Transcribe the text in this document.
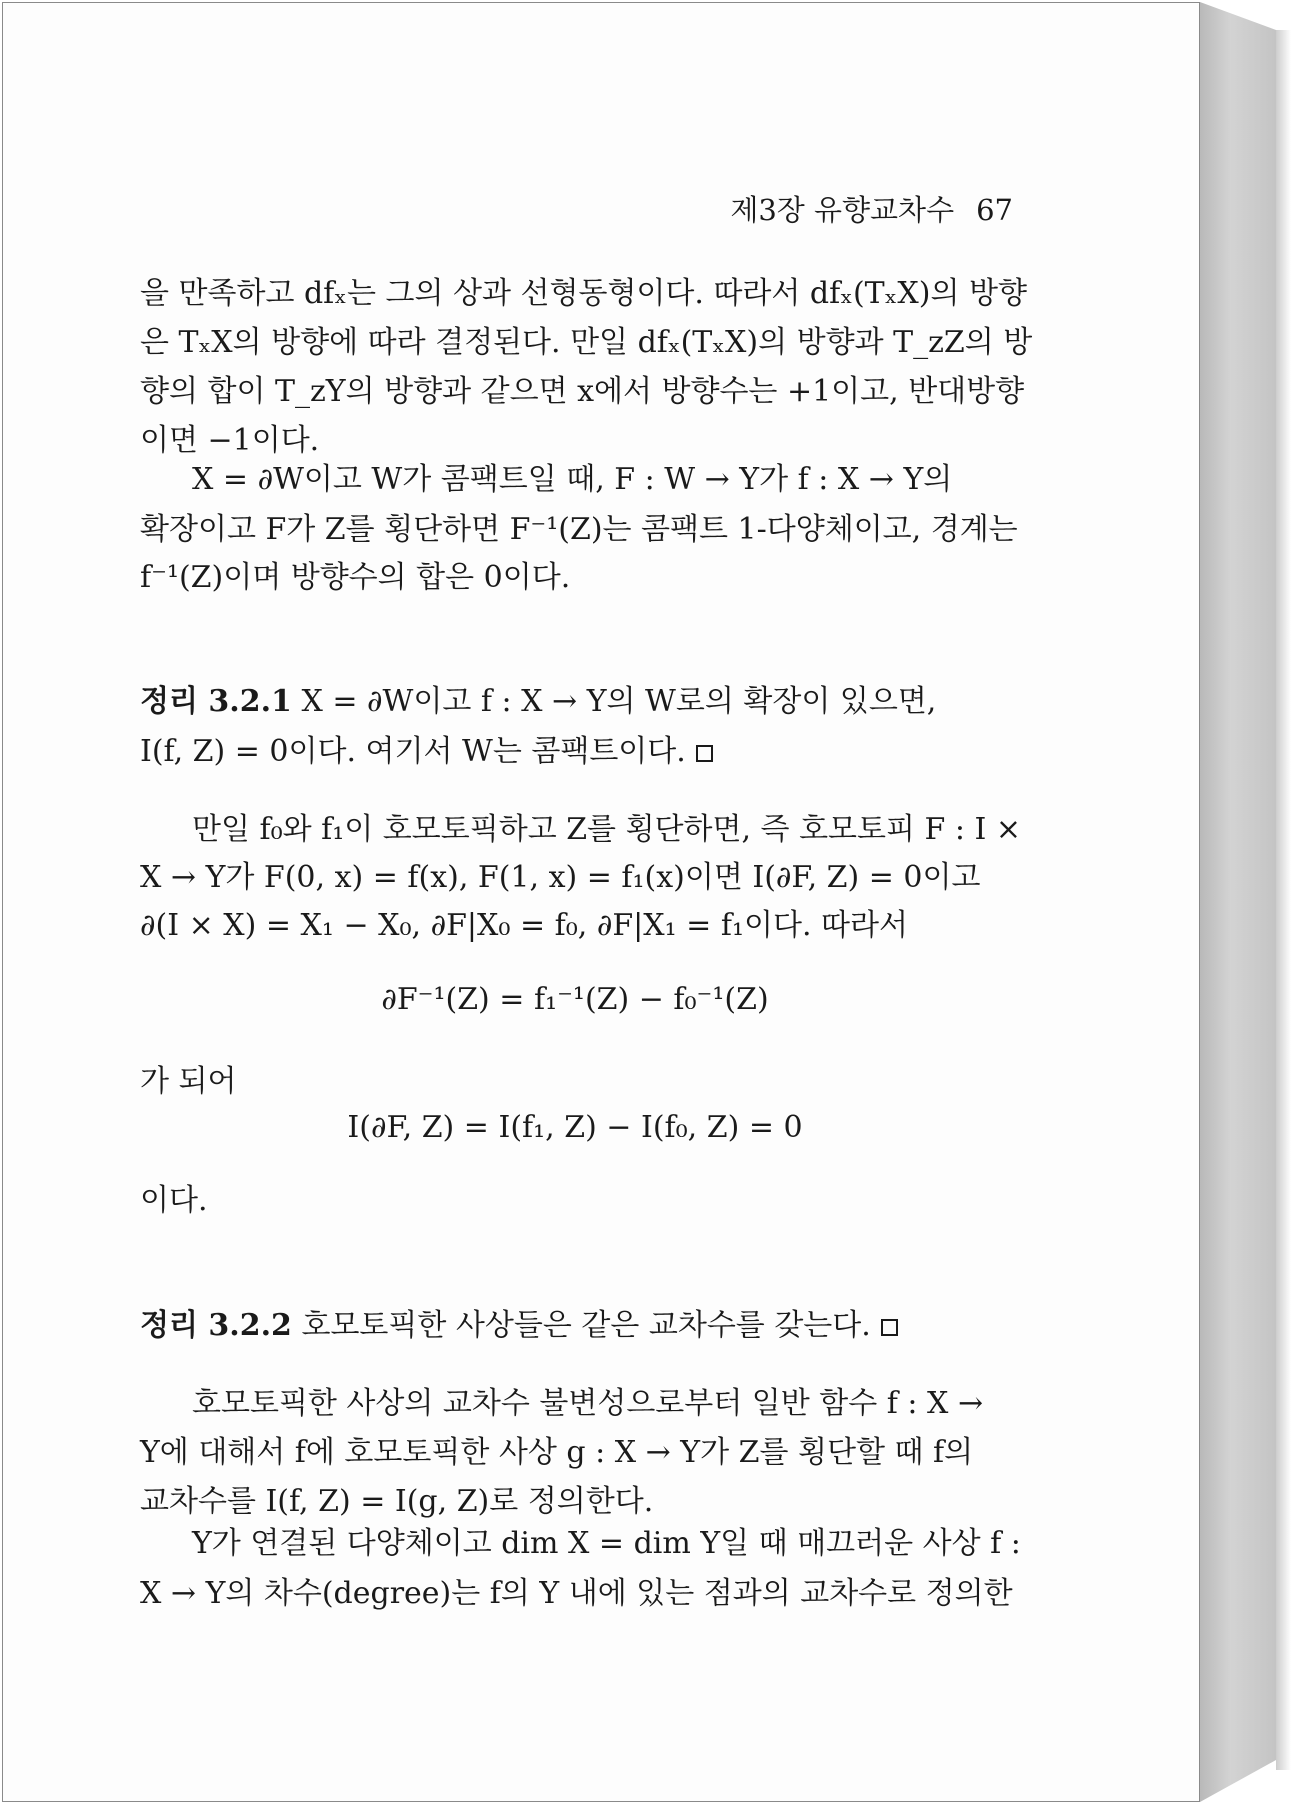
제3장 유향교차수 67
을 만족하고 dfₓ는 그의 상과 선형동형이다. 따라서 dfₓ(TₓX)의 방향
은 TₓX의 방향에 따라 결정된다. 만일 dfₓ(TₓX)의 방향과 T_zZ의 방
향의 합이 T_zY의 방향과 같으면 x에서 방향수는 +1이고, 반대방향
이면 −1이다.
X = ∂W이고 W가 콤팩트일 때, F : W → Y가 f : X → Y의
확장이고 F가 Z를 횡단하면 F⁻¹(Z)는 콤팩트 1-다양체이고, 경계는
f⁻¹(Z)이며 방향수의 합은 0이다.
정리 3.2.1 X = ∂W이고 f : X → Y의 W로의 확장이 있으면,
I(f, Z) = 0이다. 여기서 W는 콤팩트이다.
만일 f₀와 f₁이 호모토픽하고 Z를 횡단하면, 즉 호모토피 F : I ×
X → Y가 F(0, x) = f(x), F(1, x) = f₁(x)이면 I(∂F, Z) = 0이고
∂(I × X) = X₁ − X₀, ∂F|X₀ = f₀, ∂F|X₁ = f₁이다. 따라서
∂F⁻¹(Z) = f₁⁻¹(Z) − f₀⁻¹(Z)
가 되어
I(∂F, Z) = I(f₁, Z) − I(f₀, Z) = 0
이다.
정리 3.2.2 호모토픽한 사상들은 같은 교차수를 갖는다.
호모토픽한 사상의 교차수 불변성으로부터 일반 함수 f : X →
Y에 대해서 f에 호모토픽한 사상 g : X → Y가 Z를 횡단할 때 f의
교차수를 I(f, Z) = I(g, Z)로 정의한다.
Y가 연결된 다양체이고 dim X = dim Y일 때 매끄러운 사상 f :
X → Y의 차수(degree)는 f의 Y 내에 있는 점과의 교차수로 정의한
